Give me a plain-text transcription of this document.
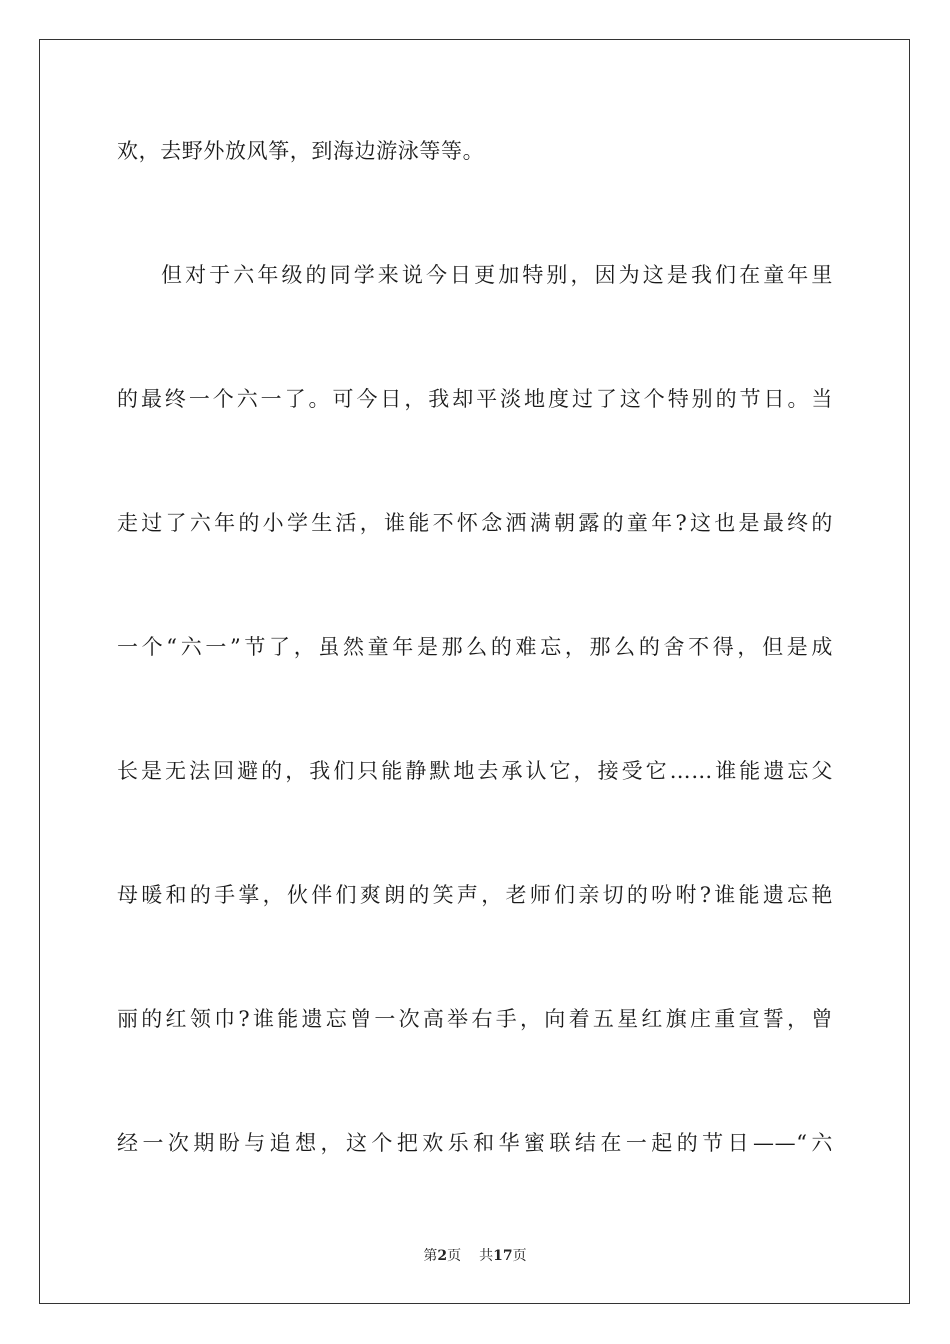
欢，去野外放风筝，到海边游泳等等。
但对于六年级的同学来说今日更加特别，因为这是我们在童年里
的最终一个六一了。可今日，我却平淡地度过了这个特别的节日。当
走过了六年的小学生活，谁能不怀念洒满朝露的童年?这也是最终的
一个“六一”节了，虽然童年是那么的难忘，那么的舍不得，但是成
长是无法回避的，我们只能静默地去承认它，接受它……谁能遗忘父
母暖和的手掌，伙伴们爽朗的笑声，老师们亲切的吩咐?谁能遗忘艳
丽的红领巾?谁能遗忘曾一次高举右手，向着五星红旗庄重宣誓，曾
经一次期盼与追想，这个把欢乐和华蜜联结在一起的节日——“六
第2页 共17页
